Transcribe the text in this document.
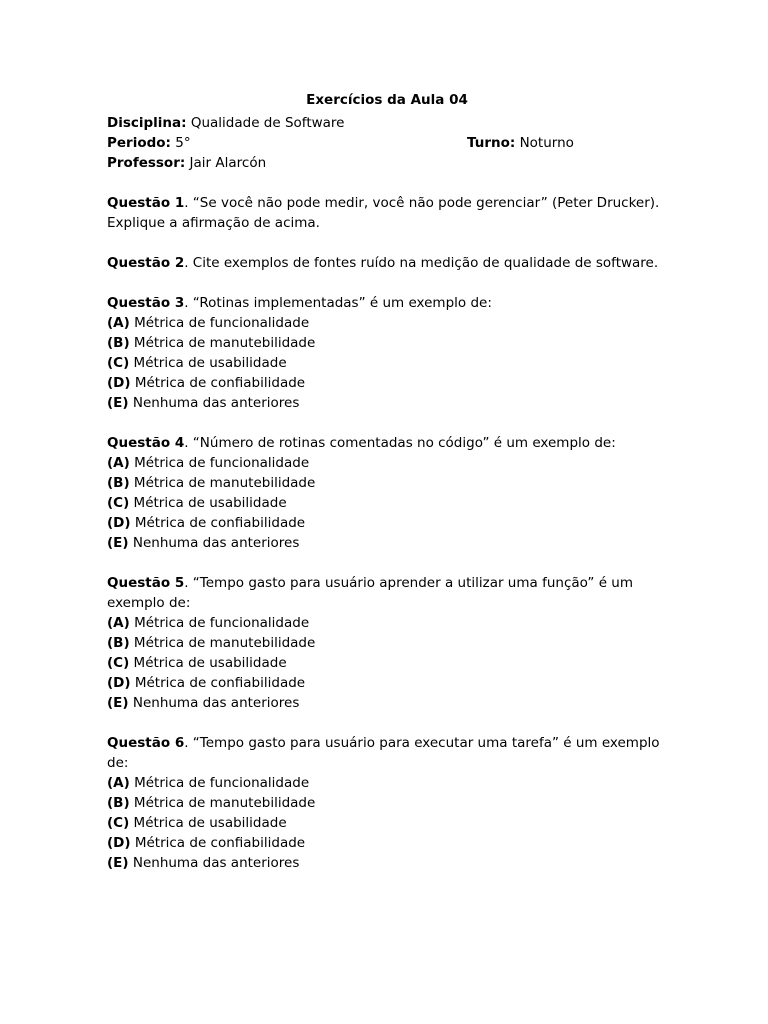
Exercícios da Aula 04
Disciplina: Qualidade de Software
Periodo: 5°	Turno: Noturno
Professor: Jair Alarcón
Questão 1. “Se você não pode medir, você não pode gerenciar” (Peter Drucker). Explique a afirmação de acima.
Questão 2. Cite exemplos de fontes ruído na medição de qualidade de software.
Questão 3. “Rotinas implementadas” é um exemplo de:
(A) Métrica de funcionalidade
(B) Métrica de manutebilidade
(C) Métrica de usabilidade
(D) Métrica de confiabilidade
(E) Nenhuma das anteriores
Questão 4. “Número de rotinas comentadas no código” é um exemplo de:
(A) Métrica de funcionalidade
(B) Métrica de manutebilidade
(C) Métrica de usabilidade
(D) Métrica de confiabilidade
(E) Nenhuma das anteriores
Questão 5. “Tempo gasto para usuário aprender a utilizar uma função” é um exemplo de:
(A) Métrica de funcionalidade
(B) Métrica de manutebilidade
(C) Métrica de usabilidade
(D) Métrica de confiabilidade
(E) Nenhuma das anteriores
Questão 6. “Tempo gasto para usuário para executar uma tarefa” é um exemplo de:
(A) Métrica de funcionalidade
(B) Métrica de manutebilidade
(C) Métrica de usabilidade
(D) Métrica de confiabilidade
(E) Nenhuma das anteriores
